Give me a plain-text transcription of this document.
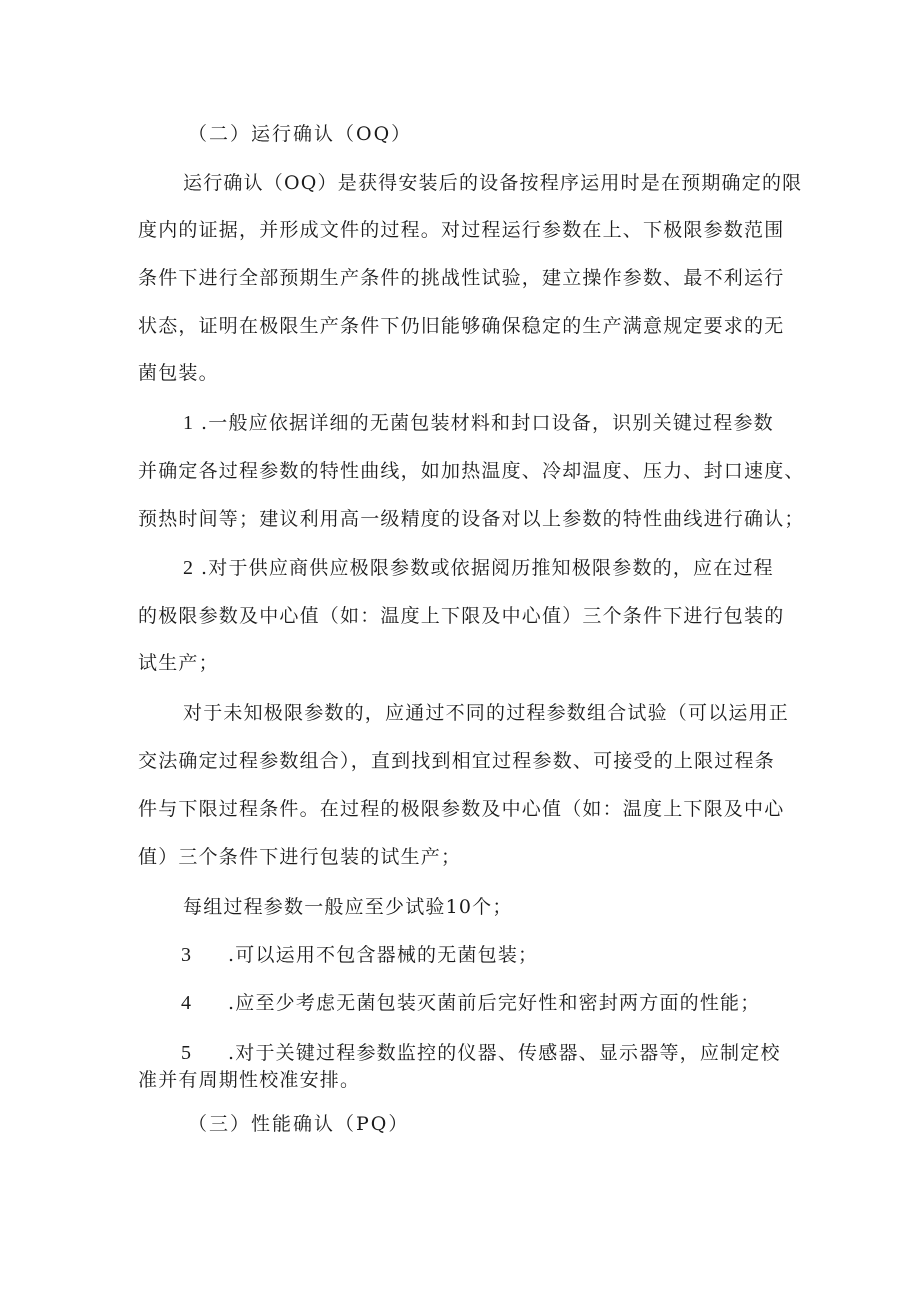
（二）运行确认（OQ）
运行确认（OQ）是获得安装后的设备按程序运用时是在预期确定的限
度内的证据，并形成文件的过程。对过程运行参数在上、下极限参数范围
条件下进行全部预期生产条件的挑战性试验，建立操作参数、最不利运行
状态，证明在极限生产条件下仍旧能够确保稳定的生产满意规定要求的无
菌包装。
1 .一般应依据详细的无菌包装材料和封口设备，识别关键过程参数
并确定各过程参数的特性曲线，如加热温度、冷却温度、压力、封口速度、
预热时间等；建议利用高一级精度的设备对以上参数的特性曲线进行确认；
2 .对于供应商供应极限参数或依据阅历推知极限参数的，应在过程
的极限参数及中心值（如：温度上下限及中心值）三个条件下进行包装的
试生产；
对于未知极限参数的，应通过不同的过程参数组合试验（可以运用正
交法确定过程参数组合），直到找到相宜过程参数、可接受的上限过程条
件与下限过程条件。在过程的极限参数及中心值（如：温度上下限及中心
值）三个条件下进行包装的试生产；
每组过程参数一般应至少试验10个；
3 .可以运用不包含器械的无菌包装；
4 .应至少考虑无菌包装灭菌前后完好性和密封两方面的性能；
5 .对于关键过程参数监控的仪器、传感器、显示器等，应制定校
准并有周期性校准安排。
（三）性能确认（PQ）
